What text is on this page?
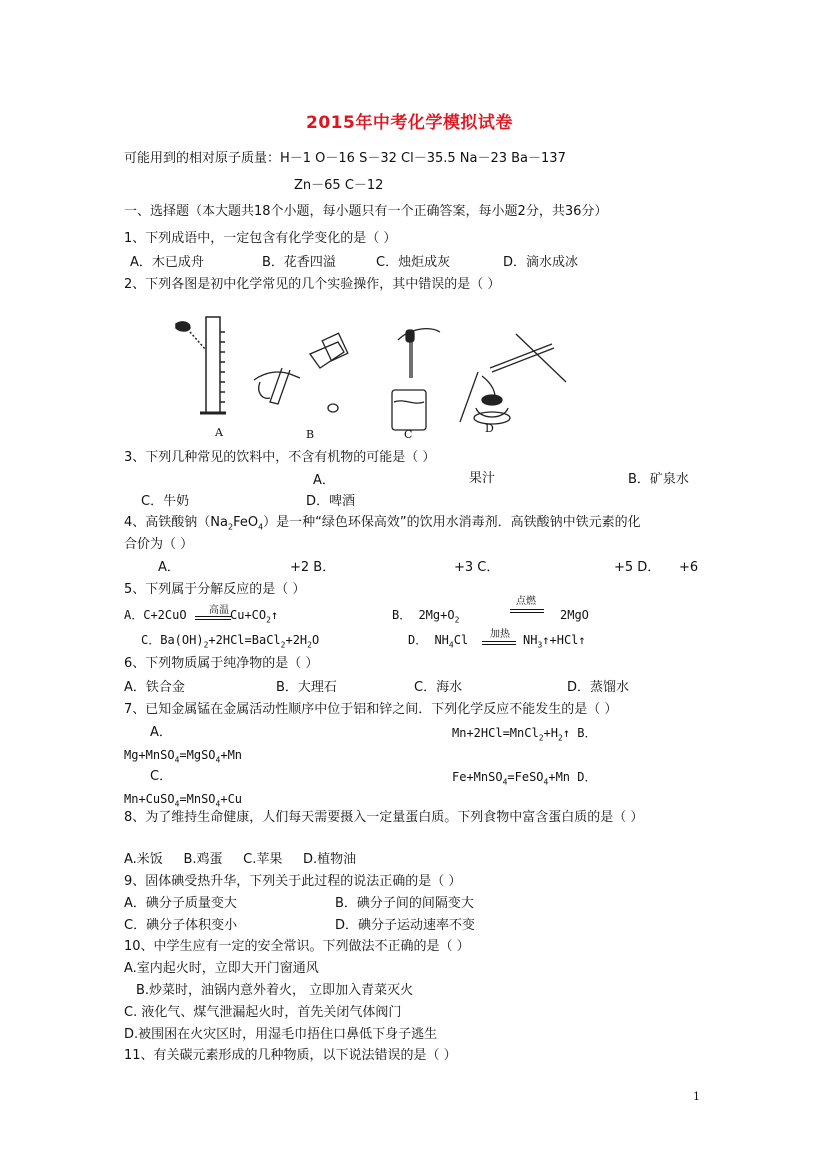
2015年中考化学模拟试卷
可能用到的相对原子质量：H－1 O－16 S－32 Cl－35.5 Na－23 Ba－137
Zn－65 C－12
一、选择题（本大题共18个小题，每小题只有一个正确答案，每小题2分，共36分）
1、下列成语中，一定包含有化学变化的是（ ）
A．木已成舟	B．花香四溢	C．烛炬成灰	D．滴水成冰
2、下列各图是初中化学常见的几个实验操作，其中错误的是（ ）
A	B	C	D
3、下列几种常见的饮料中，不含有机物的可能是（ ）
A．	果汁	B．矿泉水
C．牛奶	D．啤酒
4、高铁酸钠$(Na_2FeO_4)$是一种“绿色环保高效”的饮用水消毒剂．高铁酸钠中铁元素的化
合价为（ ）
A．	+2 B．	+3 C．	+5 D． +6
5、下列属于分解反应的是（ ）
A．C+2CuO	高温 $Cu+CO_2↑$	B． $2Mg+O_2$
点燃
2MgO
C．$Ba(OH)_2+2HCl=BaCl_2+2H_2O$	D． $NH_4Cl$	加热	$NH_3↑+HCl↑$
6、下列物质属于纯净物的是（ ）
A．铁合金	B．大理石	C．海水	D．蒸馏水
7、已知金属锰在金属活动性顺序中位于铝和锌之间．下列化学反应不能发生的是（ ）
A．	$Mn+2HCl=MnCl_2+H_2↑$ B．
Mg+MnSO$_4$=MgSO$_4$+Mn
C．	Fe+MnSO$_4$=FeSO$_4$+Mn D．
Mn+CuSO$_4$=MnSO$_4$+Cu
8、为了维持生命健康，人们每天需要摄入一定量蛋白质。下列食物中富含蛋白质的是（ ）
A.米饭     B.鸡蛋     C.苹果     D.植物油
9、固体碘受热升华，下列关于此过程的说法正确的是（ ）
A．碘分子质量变大	B．碘分子间的间隔变大
C．碘分子体积变小	D．碘分子运动速率不变
10、中学生应有一定的安全常识。下列做法不正确的是（ ）
A.室内起火时，立即大开门窗通风
B.炒菜时，油锅内意外着火， 立即加入青菜灭火
C. 液化气、煤气泄漏起火时，首先关闭气体阀门
D.被围困在火灾区时，用湿毛巾捂住口鼻低下身子逃生
11、有关碳元素形成的几种物质，以下说法错误的是（ ）
1
